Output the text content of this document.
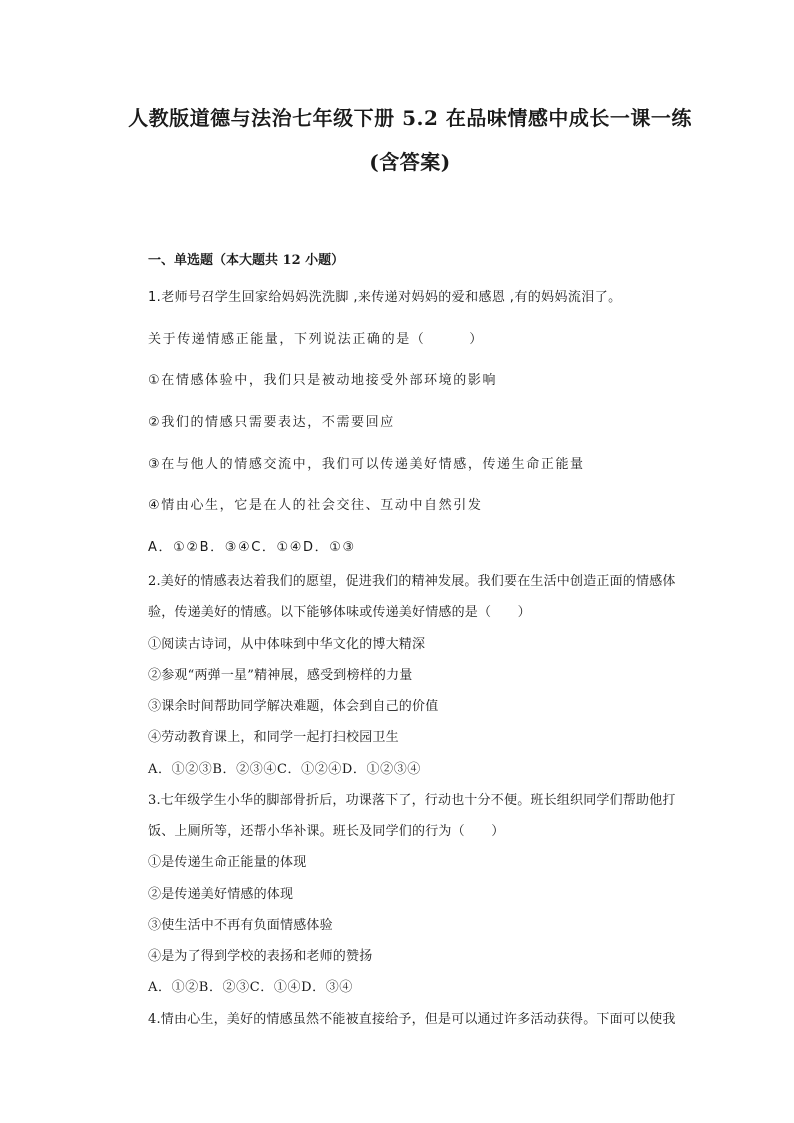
人教版道德与法治七年级下册 5.2 在品味情感中成长一课一练
(含答案)
一、单选题（本大题共 12 小题）
1.老师号召学生回家给妈妈洗洗脚 ,来传递对妈妈的爱和感恩 ,有的妈妈流泪了。
关于传递情感正能量，下列说法正确的是（　　　）
①在情感体验中，我们只是被动地接受外部环境的影响
②我们的情感只需要表达，不需要回应
③在与他人的情感交流中，我们可以传递美好情感，传递生命正能量
④情由心生，它是在人的社会交往、互动中自然引发
A．①②B．③④C．①④D．①③
2.美好的情感表达着我们的愿望，促进我们的精神发展。我们要在生活中创造正面的情感体
验，传递美好的情感。以下能够体味或传递美好情感的是（　　）
①阅读古诗词，从中体味到中华文化的博大精深
②参观“两弹一星”精神展，感受到榜样的力量
③课余时间帮助同学解决难题，体会到自己的价值
④劳动教育课上，和同学一起打扫校园卫生
A．①②③B．②③④C．①②④D．①②③④
3.七年级学生小华的脚部骨折后，功课落下了，行动也十分不便。班长组织同学们帮助他打
饭、上厕所等，还帮小华补课。班长及同学们的行为（　　）
①是传递生命正能量的体现
②是传递美好情感的体现
③使生活中不再有负面情感体验
④是为了得到学校的表扬和老师的赞扬
A．①②B．②③C．①④D．③④
4.情由心生，美好的情感虽然不能被直接给予，但是可以通过许多活动获得。下面可以使我
